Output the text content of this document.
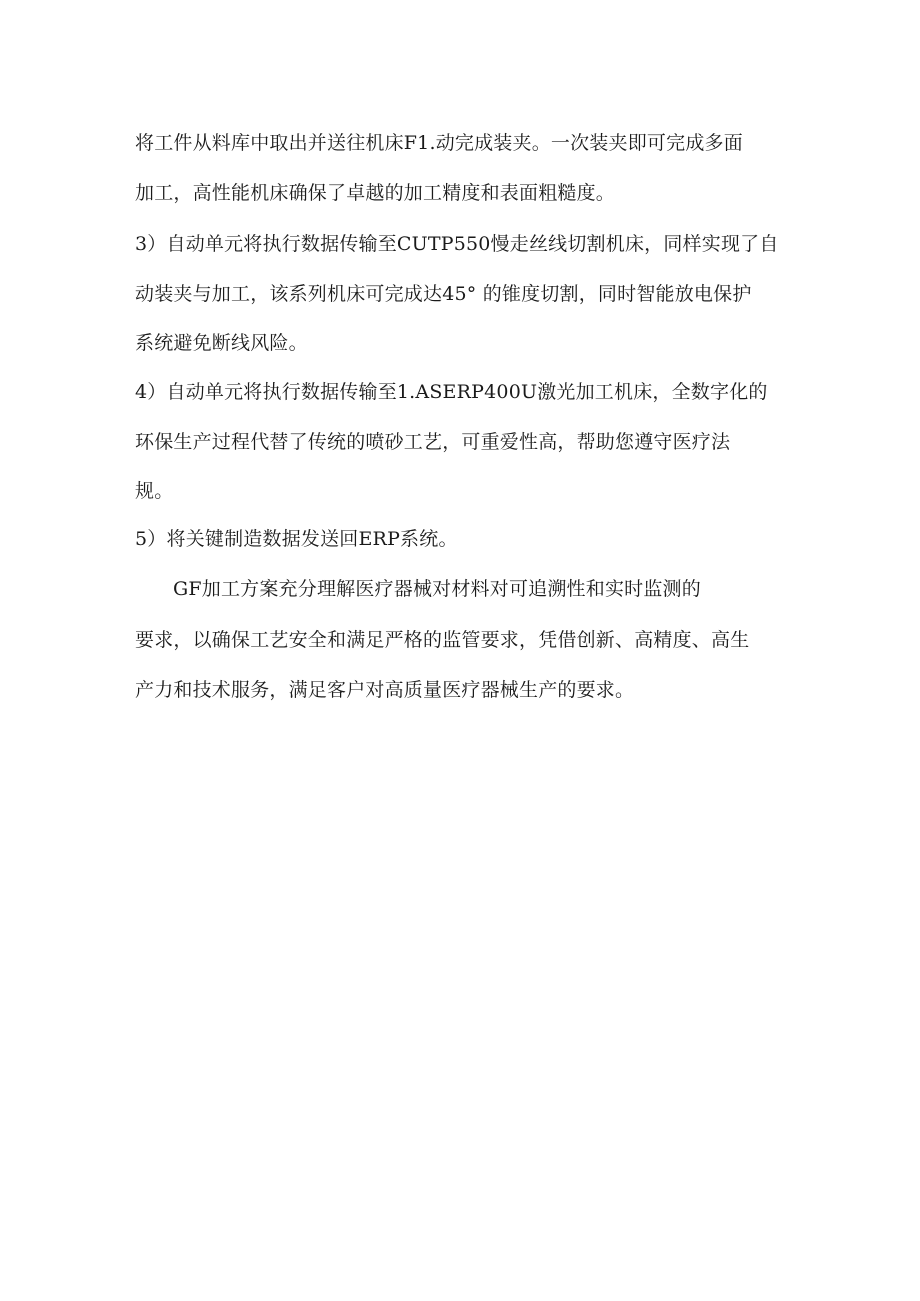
将工件从料库中取出并送往机床F1.动完成装夹。一次装夹即可完成多面

加工，高性能机床确保了卓越的加工精度和表面粗糙度。

3）自动单元将执行数据传输至CUTP550慢走丝线切割机床，同样实现了自

动装夹与加工，该系列机床可完成达45° 的锥度切割，同时智能放电保护

系统避免断线风险。

4）自动单元将执行数据传输至1.ASERP400U激光加工机床，全数字化的

环保生产过程代替了传统的喷砂工艺，可重爱性高，帮助您遵守医疗法

规。

5）将关键制造数据发送回ERP系统。

GF加工方案充分理解医疗器械对材料对可追溯性和实时监测的

要求，以确保工艺安全和满足严格的监管要求，凭借创新、高精度、高生

产力和技术服务，满足客户对高质量医疗器械生产的要求。
